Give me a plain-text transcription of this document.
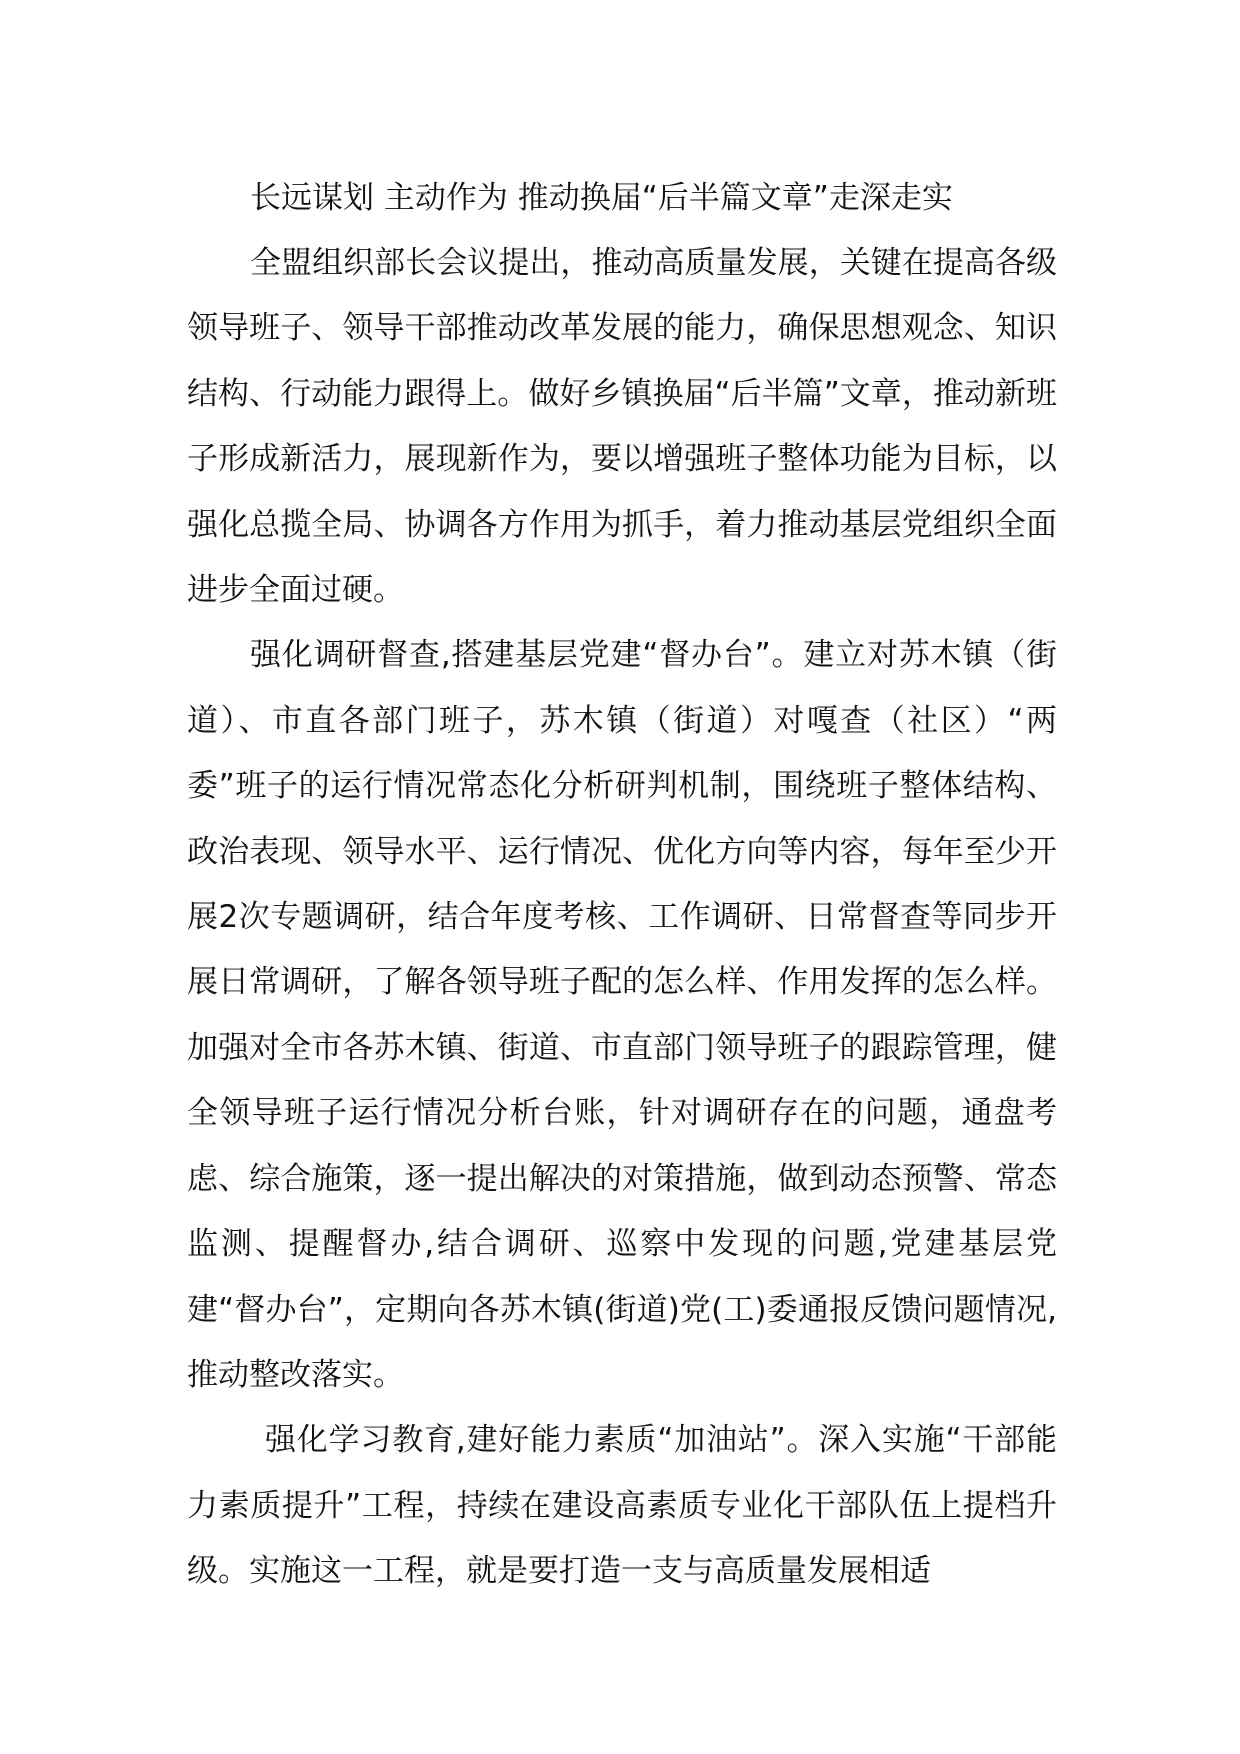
长远谋划 主动作为 推动换届“后半篇文章”走深走实

全盟组织部长会议提出，推动高质量发展，关键在提高各级领导班子、领导干部推动改革发展的能力，确保思想观念、知识结构、行动能力跟得上。做好乡镇换届“后半篇”文章，推动新班子形成新活力，展现新作为，要以增强班子整体功能为目标，以强化总揽全局、协调各方作用为抓手，着力推动基层党组织全面进步全面过硬。

强化调研督查,搭建基层党建“督办台”。建立对苏木镇（街道）、市直各部门班子，苏木镇（街道）对嘎查（社区）“两委”班子的运行情况常态化分析研判机制，围绕班子整体结构、政治表现、领导水平、运行情况、优化方向等内容，每年至少开展2次专题调研，结合年度考核、工作调研、日常督查等同步开展日常调研，了解各领导班子配的怎么样、作用发挥的怎么样。加强对全市各苏木镇、街道、市直部门领导班子的跟踪管理，健全领导班子运行情况分析台账，针对调研存在的问题，通盘考虑、综合施策，逐一提出解决的对策措施，做到动态预警、常态监测、提醒督办,结合调研、巡察中发现的问题,党建基层党建“督办台”，定期向各苏木镇(街道)党(工)委通报反馈问题情况,推动整改落实。

强化学习教育,建好能力素质“加油站”。深入实施“干部能力素质提升”工程，持续在建设高素质专业化干部队伍上提档升级。实施这一工程，就是要打造一支与高质量发展相适
